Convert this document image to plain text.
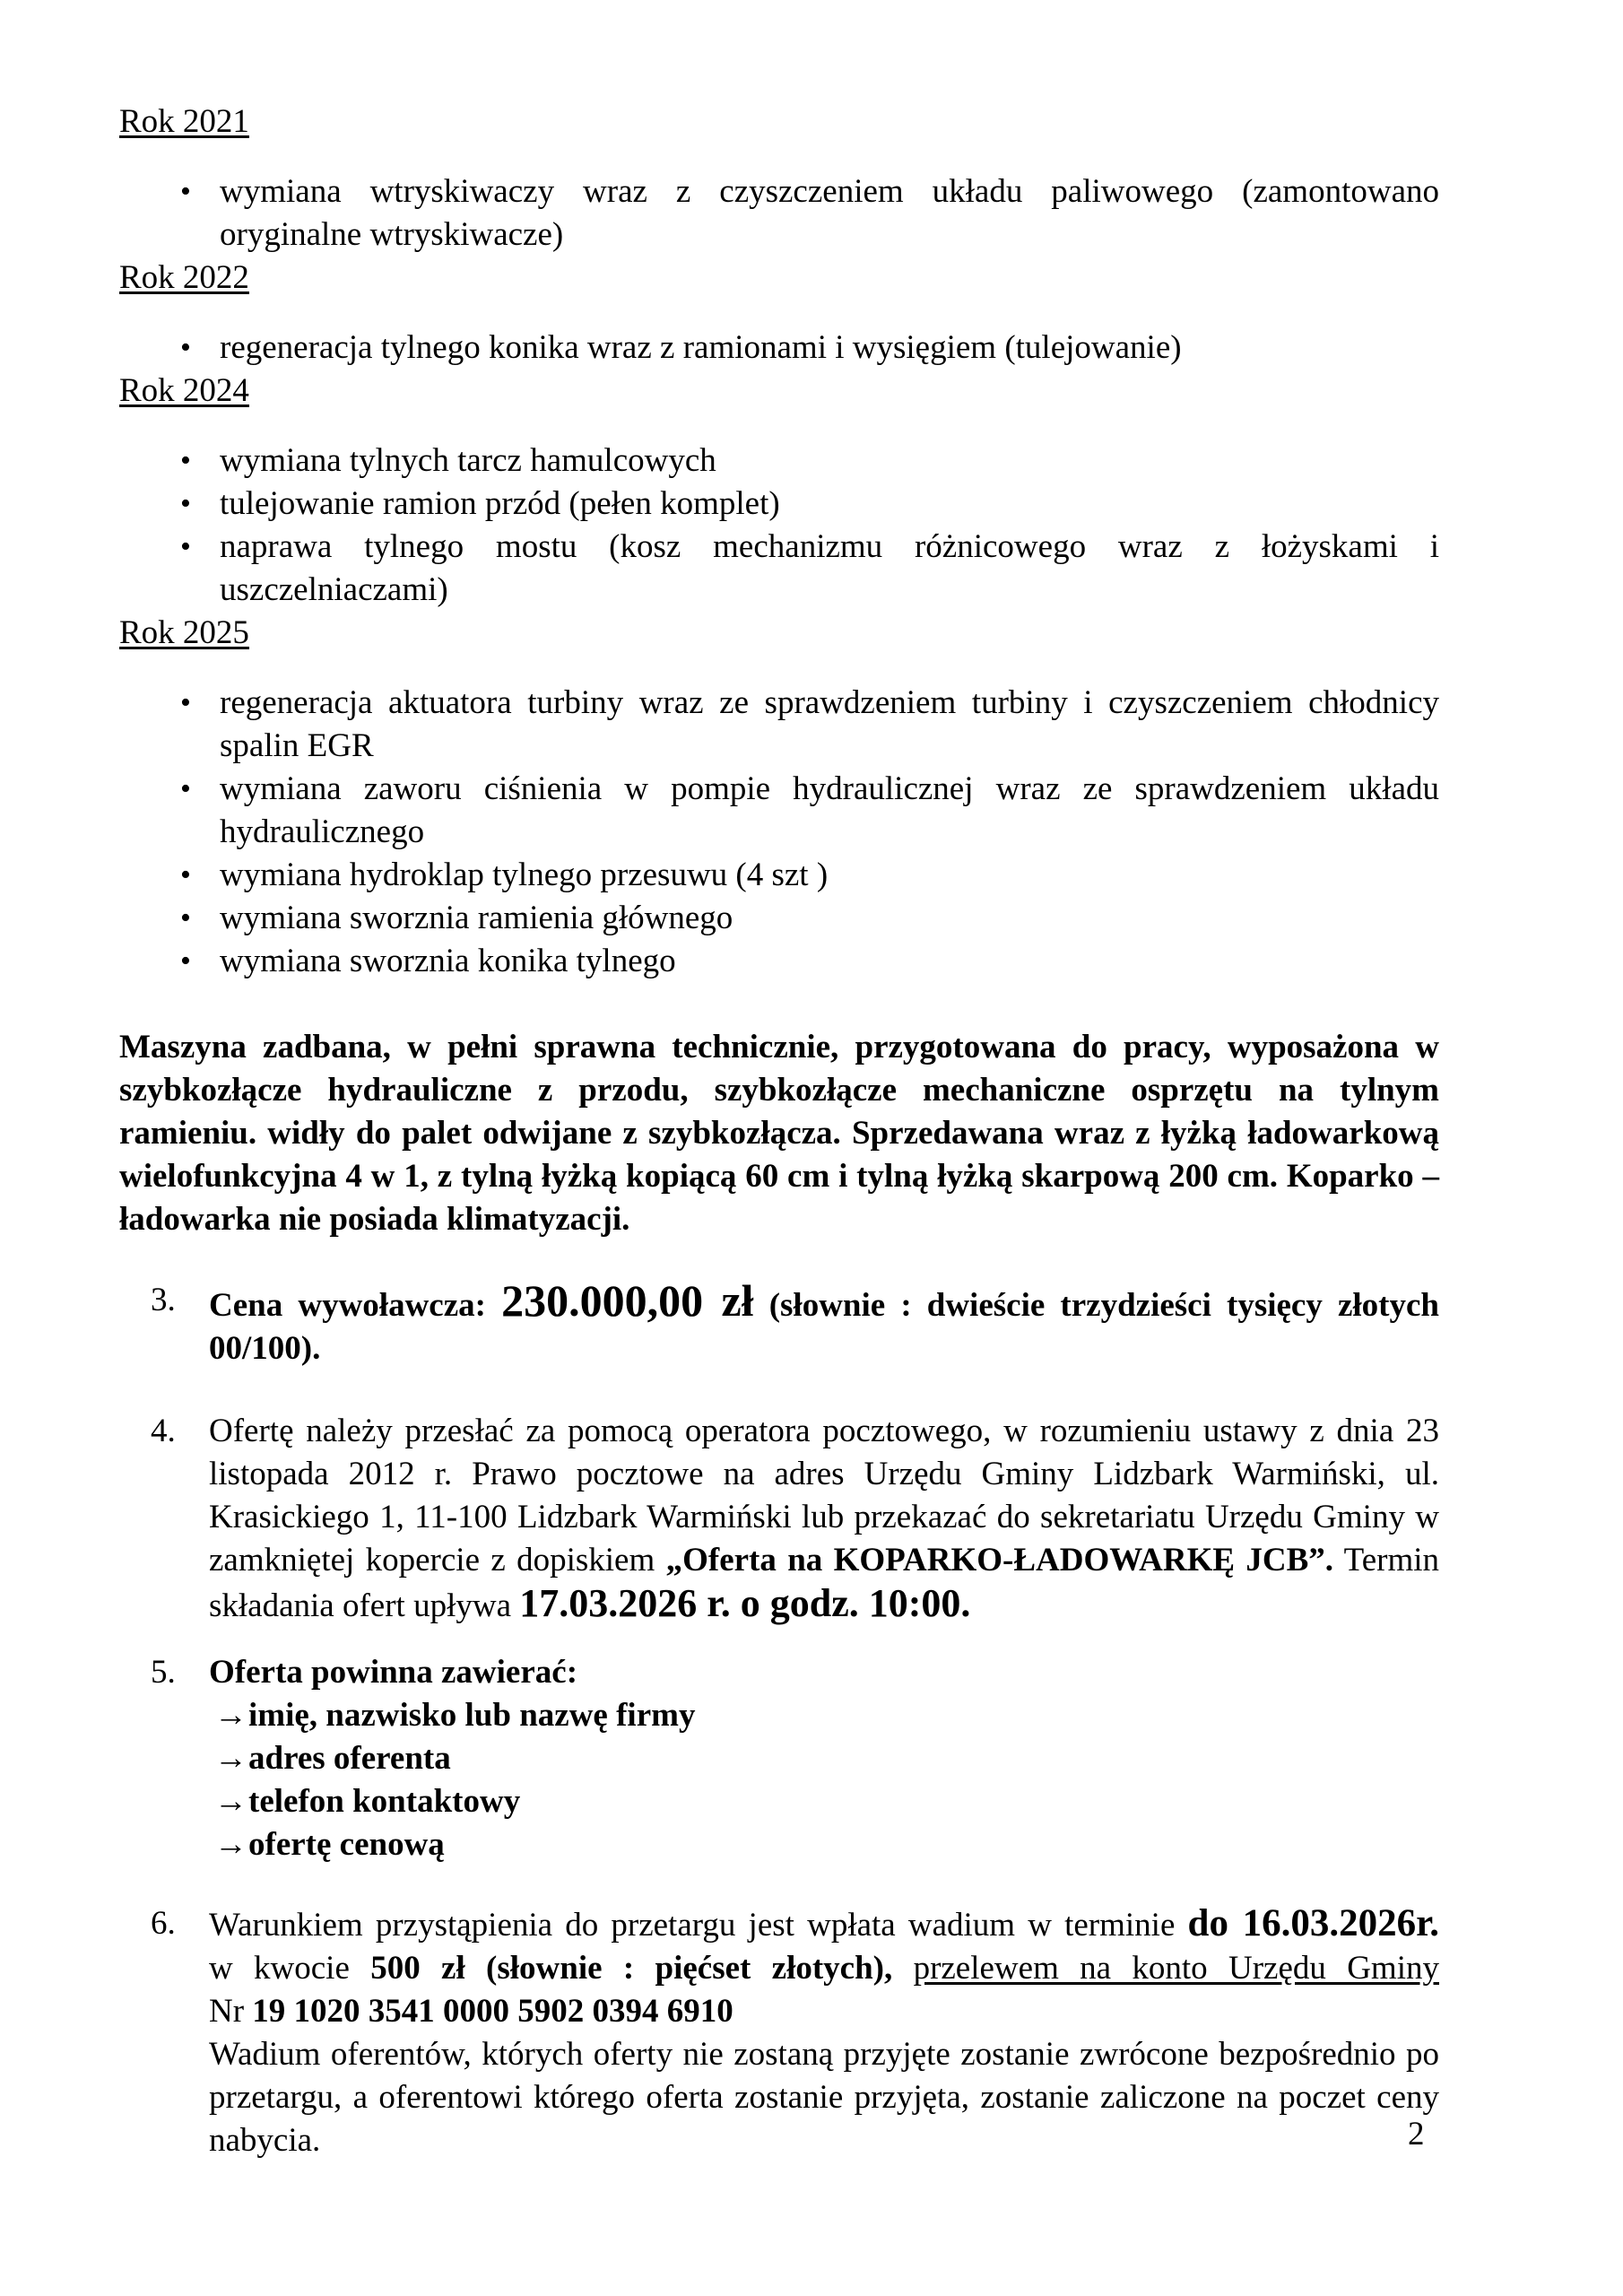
Rok 2021
• wymiana wtryskiwaczy wraz z czyszczeniem układu paliwowego (zamontowano oryginalne wtryskiwacze)
Rok 2022
• regeneracja tylnego konika wraz z ramionami i wysięgiem (tulejowanie)
Rok 2024
• wymiana tylnych tarcz hamulcowych
• tulejowanie ramion przód (pełen komplet)
• naprawa tylnego mostu (kosz mechanizmu różnicowego wraz z łożyskami i uszczelniaczami)
Rok 2025
• regeneracja aktuatora turbiny wraz ze sprawdzeniem turbiny i czyszczeniem chłodnicy spalin EGR
• wymiana zaworu ciśnienia w pompie hydraulicznej wraz ze sprawdzeniem układu hydraulicznego
• wymiana hydroklap tylnego przesuwu (4 szt )
• wymiana sworznia ramienia głównego
• wymiana sworznia konika tylnego

Maszyna zadbana, w pełni sprawna technicznie, przygotowana do pracy, wyposażona w szybkozłącze hydrauliczne z przodu, szybkozłącze mechaniczne osprzętu na tylnym ramieniu. widły do palet odwijane z szybkozłącza. Sprzedawana wraz z łyżką ładowarkową wielofunkcyjna 4 w 1, z tylną łyżką kopiącą 60 cm i tylną łyżką skarpową 200 cm. Koparko – ładowarka nie posiada klimatyzacji.

3.	Cena wywoławcza: 230.000,00 zł (słownie : dwieście trzydzieści tysięcy złotych 00/100).
4.	Ofertę należy przesłać za pomocą operatora pocztowego, w rozumieniu ustawy z dnia 23 listopada 2012 r. Prawo pocztowe na adres Urzędu Gminy Lidzbark Warmiński, ul. Krasickiego 1, 11-100 Lidzbark Warmiński lub przekazać do sekretariatu Urzędu Gminy w zamkniętej kopercie z dopiskiem „Oferta na KOPARKO-ŁADOWARKĘ JCB”. Termin składania ofert upływa 17.03.2026 r. o godz. 10:00.
5.	Oferta powinna zawierać:
→ imię, nazwisko lub nazwę firmy
→ adres oferenta
→ telefon kontaktowy
→ ofertę cenową
6.	Warunkiem przystąpienia do przetargu jest wpłata wadium w terminie do 16.03.2026r.
w kwocie 500 zł (słownie : pięćset złotych), przelewem na konto Urzędu Gminy
Nr 19 1020 3541 0000 5902 0394 6910
Wadium oferentów, których oferty nie zostaną przyjęte zostanie zwrócone bezpośrednio po przetargu, a oferentowi którego oferta zostanie przyjęta, zostanie zaliczone na poczet ceny nabycia.	2
